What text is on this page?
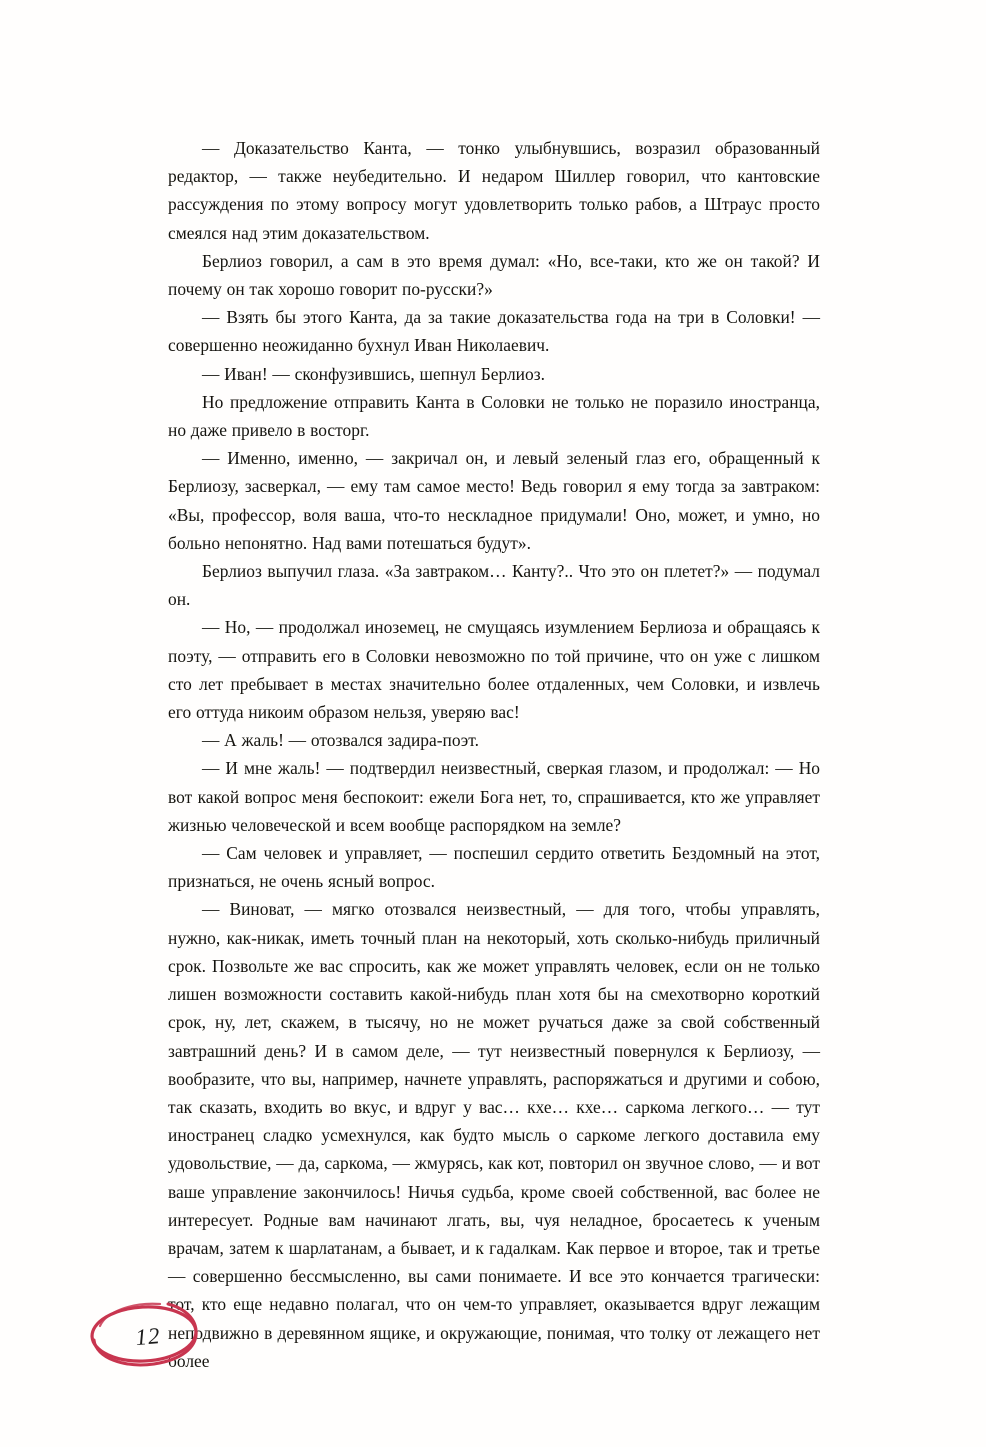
— Доказательство Канта, — тонко улыбнувшись, возразил образованный редактор, — также неубедительно. И недаром Шиллер говорил, что кантовские рассуждения по этому вопросу могут удовлетворить только рабов, а Штраус просто смеялся над этим доказательством.

Берлиоз говорил, а сам в это время думал: «Но, все-таки, кто же он такой? И почему он так хорошо говорит по-русски?»

— Взять бы этого Канта, да за такие доказательства года на три в Соловки! — совершенно неожиданно бухнул Иван Николаевич.

— Иван! — сконфузившись, шепнул Берлиоз.

Но предложение отправить Канта в Соловки не только не поразило иностранца, но даже привело в восторг.

— Именно, именно, — закричал он, и левый зеленый глаз его, обращенный к Берлиозу, засверкал, — ему там самое место! Ведь говорил я ему тогда за завтраком: «Вы, профессор, воля ваша, что-то нескладное придумали! Оно, может, и умно, но больно непонятно. Над вами потешаться будут».

Берлиоз выпучил глаза. «За завтраком… Канту?.. Что это он плетет?» — подумал он.

— Но, — продолжал иноземец, не смущаясь изумлением Берлиоза и обращаясь к поэту, — отправить его в Соловки невозможно по той причине, что он уже с лишком сто лет пребывает в местах значительно более отдаленных, чем Соловки, и извлечь его оттуда никоим образом нельзя, уверяю вас!

— А жаль! — отозвался задира-поэт.

— И мне жаль! — подтвердил неизвестный, сверкая глазом, и продолжал: — Но вот какой вопрос меня беспокоит: ежели Бога нет, то, спрашивается, кто же управляет жизнью человеческой и всем вообще распорядком на земле?

— Сам человек и управляет, — поспешил сердито ответить Бездомный на этот, признаться, не очень ясный вопрос.

— Виноват, — мягко отозвался неизвестный, — для того, чтобы управлять, нужно, как-никак, иметь точный план на некоторый, хоть сколько-нибудь приличный срок. Позвольте же вас спросить, как же может управлять человек, если он не только лишен возможности составить какой-нибудь план хотя бы на смехотворно короткий срок, ну, лет, скажем, в тысячу, но не может ручаться даже за свой собственный завтрашний день? И в самом деле, — тут неизвестный повернулся к Берлиозу, — вообразите, что вы, например, начнете управлять, распоряжаться и другими и собою, так сказать, входить во вкус, и вдруг у вас… кхе… кхе… саркома легкого… — тут иностранец сладко усмехнулся, как будто мысль о саркоме легкого доставила ему удовольствие, — да, саркома, — жмурясь, как кот, повторил он звучное слово, — и вот ваше управление закончилось! Ничья судьба, кроме своей собственной, вас более не интересует. Родные вам начинают лгать, вы, чуя неладное, бросаетесь к ученым врачам, затем к шарлатанам, а бывает, и к гадалкам. Как первое и второе, так и третье — совершенно бессмысленно, вы сами понимаете. И все это кончается трагически: тот, кто еще недавно полагал, что он чем-то управляет, оказывается вдруг лежащим неподвижно в деревянном ящике, и окружающие, понимая, что толку от лежащего нет более

12
